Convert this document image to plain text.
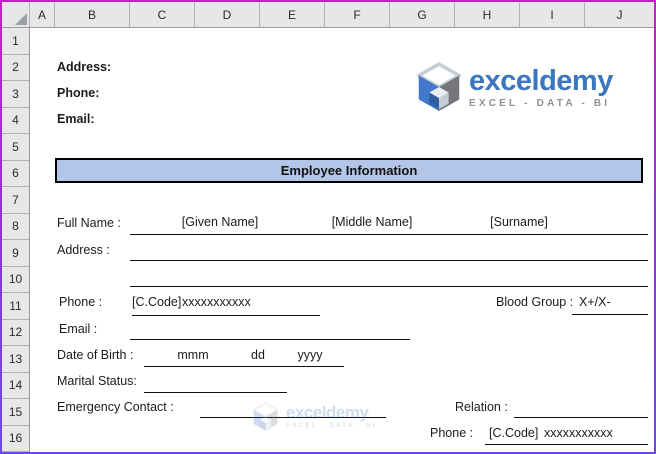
A	B	C	D	E	F	G	H	I	J
1
2
3
4
5
6
7
8
9
10
11
12
13
14
15
16
Address:
Phone:
Email:
exceldemy
EXCEL - DATA - BI
Employee Information
Full Name :	[Given Name]	[Middle Name]	[Surname]
Address :
Phone : [C.Code] xxxxxxxxxxx	Blood Group : X+/X-
Email :
Date of Birth :	mmm	dd	yyyy
Marital Status:
Emergency Contact :	Relation :
exceldemy
EXCEL - DATA - BI
Phone : [C.Code] xxxxxxxxxxx
